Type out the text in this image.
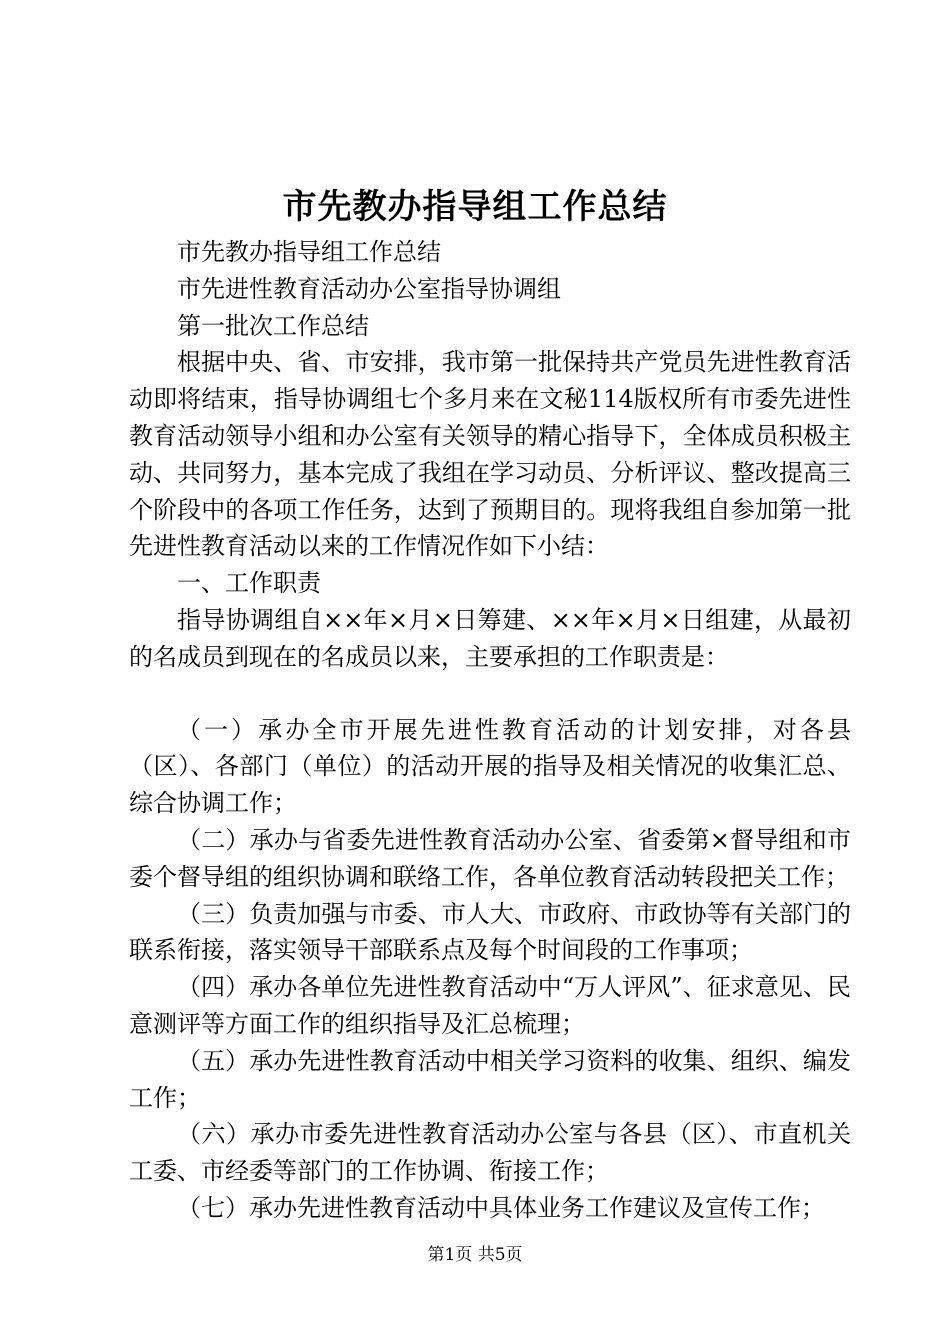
市先教办指导组工作总结

市先教办指导组工作总结

市先进性教育活动办公室指导协调组

第一批次工作总结

根据中央、省、市安排，我市第一批保持共产党员先进性教育活动即将结束，指导协调组七个多月来在文秘114版权所有市委先进性教育活动领导小组和办公室有关领导的精心指导下，全体成员积极主动、共同努力，基本完成了我组在学习动员、分析评议、整改提高三个阶段中的各项工作任务，达到了预期目的。现将我组自参加第一批先进性教育活动以来的工作情况作如下小结：

一、工作职责

指导协调组自××年×月×日筹建、××年×月×日组建，从最初的名成员到现在的名成员以来，主要承担的工作职责是：

（一）承办全市开展先进性教育活动的计划安排，对各县（区）、各部门（单位）的活动开展的指导及相关情况的收集汇总、综合协调工作；

（二）承办与省委先进性教育活动办公室、省委第×督导组和市委个督导组的组织协调和联络工作，各单位教育活动转段把关工作；

（三）负责加强与市委、市人大、市政府、市政协等有关部门的联系衔接，落实领导干部联系点及每个时间段的工作事项；

（四）承办各单位先进性教育活动中“万人评风”、征求意见、民意测评等方面工作的组织指导及汇总梳理；

（五）承办先进性教育活动中相关学习资料的收集、组织、编发工作；

（六）承办市委先进性教育活动办公室与各县（区）、市直机关工委、市经委等部门的工作协调、衔接工作；

（七）承办先进性教育活动中具体业务工作建议及宣传工作；

第1页 共5页
